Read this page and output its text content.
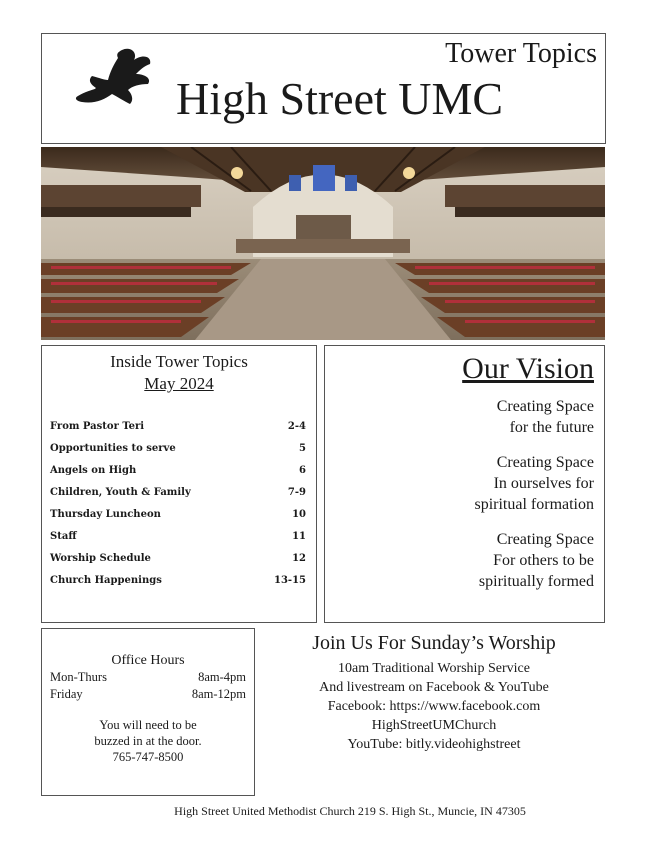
Tower Topics
High Street UMC
Inside Tower Topics
May 2024
From Pastor Teri	2-4
Opportunities to serve	5
Angels on High	6
Children, Youth & Family	7-9
Thursday Luncheon	10
Staff	11
Worship Schedule	12
Church Happenings	13-15
Our Vision
Creating Space
for the future
Creating Space
In ourselves for
spiritual formation
Creating Space
For others to be
spiritually formed
Office Hours
Mon-Thurs	8am-4pm
Friday	8am-12pm
You will need to be
buzzed in at the door.
765-747-8500
Join Us For Sunday’s Worship
10am Traditional Worship Service
And livestream on Facebook & YouTube
Facebook: https://www.facebook.com
HighStreetUMChurch
YouTube: bitly.videohighstreet
High Street United Methodist Church 219 S. High St., Muncie, IN 47305
